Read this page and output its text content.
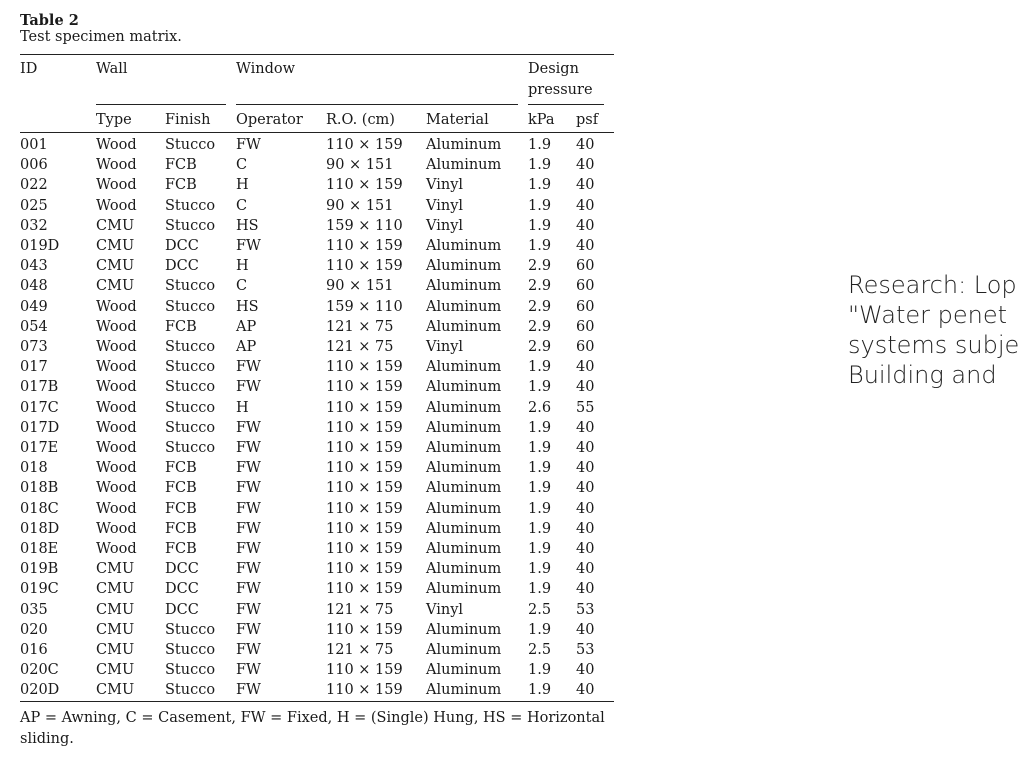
Table 2
Test specimen matrix.
ID	Wall		Window			Design pressure	
	Type	Finish	Operator	R.O. (cm)	Material	kPa	psf
001	Wood	Stucco	FW	110 × 159	Aluminum	1.9	40
006	Wood	FCB	C	90 × 151	Aluminum	1.9	40
022	Wood	FCB	H	110 × 159	Vinyl	1.9	40
025	Wood	Stucco	C	90 × 151	Vinyl	1.9	40
032	CMU	Stucco	HS	159 × 110	Vinyl	1.9	40
019D	CMU	DCC	FW	110 × 159	Aluminum	1.9	40
043	CMU	DCC	H	110 × 159	Aluminum	2.9	60
048	CMU	Stucco	C	90 × 151	Aluminum	2.9	60
049	Wood	Stucco	HS	159 × 110	Aluminum	2.9	60
054	Wood	FCB	AP	121 × 75	Aluminum	2.9	60
073	Wood	Stucco	AP	121 × 75	Vinyl	2.9	60
017	Wood	Stucco	FW	110 × 159	Aluminum	1.9	40
017B	Wood	Stucco	FW	110 × 159	Aluminum	1.9	40
017C	Wood	Stucco	H	110 × 159	Aluminum	2.6	55
017D	Wood	Stucco	FW	110 × 159	Aluminum	1.9	40
017E	Wood	Stucco	FW	110 × 159	Aluminum	1.9	40
018	Wood	FCB	FW	110 × 159	Aluminum	1.9	40
018B	Wood	FCB	FW	110 × 159	Aluminum	1.9	40
018C	Wood	FCB	FW	110 × 159	Aluminum	1.9	40
018D	Wood	FCB	FW	110 × 159	Aluminum	1.9	40
018E	Wood	FCB	FW	110 × 159	Aluminum	1.9	40
019B	CMU	DCC	FW	110 × 159	Aluminum	1.9	40
019C	CMU	DCC	FW	110 × 159	Aluminum	1.9	40
035	CMU	DCC	FW	121 × 75	Vinyl	2.5	53
020	CMU	Stucco	FW	110 × 159	Aluminum	1.9	40
016	CMU	Stucco	FW	121 × 75	Aluminum	2.5	53
020C	CMU	Stucco	FW	110 × 159	Aluminum	1.9	40
020D	CMU	Stucco	FW	110 × 159	Aluminum	1.9	40
AP = Awning, C = Casement, FW = Fixed, H = (Single) Hung, HS = Horizontal sliding.							
Research: Lop
"Water penet
systems subje
Building and
